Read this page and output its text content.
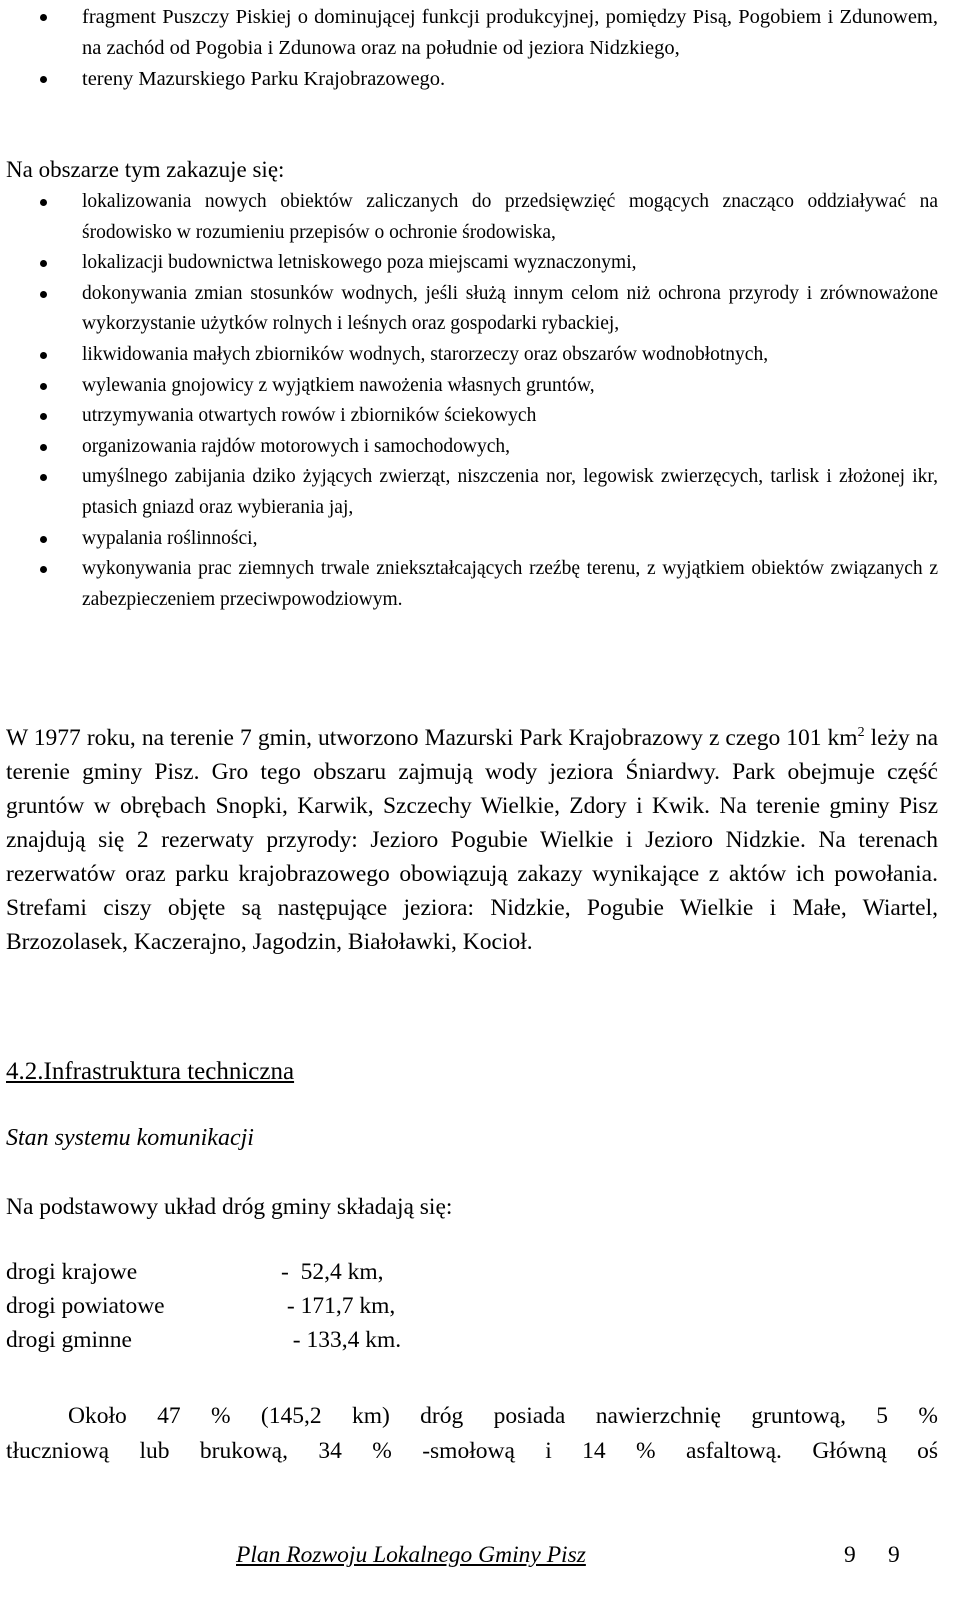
fragment Puszczy Piskiej o dominującej funkcji produkcyjnej, pomiędzy Pisą, Pogobiem i Zdunowem, na zachód od Pogobia i Zdunowa oraz na południe od jeziora Nidzkiego,
tereny Mazurskiego Parku Krajobrazowego.

Na obszarze tym zakazuje się:

lokalizowania nowych obiektów zaliczanych do przedsięwzięć mogących znacząco oddziaływać na środowisko w rozumieniu przepisów o ochronie środowiska,
lokalizacji budownictwa letniskowego poza miejscami wyznaczonymi,
dokonywania zmian stosunków wodnych, jeśli służą innym celom niż ochrona przyrody i zrównoważone wykorzystanie użytków rolnych i leśnych oraz gospodarki rybackiej,
likwidowania małych zbiorników wodnych, starorzeczy oraz obszarów wodnobłotnych,
wylewania gnojowicy z wyjątkiem nawożenia własnych gruntów,
utrzymywania otwartych rowów i zbiorników ściekowych
organizowania rajdów motorowych i samochodowych,
umyślnego zabijania dziko żyjących zwierząt, niszczenia nor, legowisk zwierzęcych, tarlisk i złożonej ikr, ptasich gniazd oraz wybierania jaj,
wypalania roślinności,
wykonywania prac ziemnych trwale zniekształcających rzeźbę terenu, z wyjątkiem obiektów związanych z zabezpieczeniem przeciwpowodziowym.

W 1977 roku, na terenie 7 gmin, utworzono Mazurski Park Krajobrazowy z czego 101 $km^2$ leży na terenie gminy Pisz. Gro tego obszaru zajmują wody jeziora Śniardwy. Park obejmuje część gruntów w obrębach Snopki, Karwik, Szczechy Wielkie, Zdory i Kwik. Na terenie gminy Pisz znajdują się 2 rezerwaty przyrody: Jezioro Pogubie Wielkie i Jezioro Nidzkie. Na terenach rezerwatów oraz parku krajobrazowego obowiązują zakazy wynikające z aktów ich powołania. Strefami ciszy objęte są następujące jeziora: Nidzkie, Pogubie Wielkie i Małe, Wiartel, Brzozolasek, Kaczerajno, Jagodzin, Białoławki, Kocioł.

4.2.Infrastruktura techniczna
Stan systemu komunikacji

Na podstawowy układ dróg gminy składają się:

drogi krajowe	-  52,4 km,
drogi powiatowe	- 171,7 km,
drogi gminne	- 133,4 km.

Około 47 % (145,2 km) dróg posiada nawierzchnię gruntową, 5 %
tłuczniową lub brukową, 34 % -smołową i 14 % asfaltową. Główną oś

Plan Rozwoju Lokalnego Gminy Pisz	9 9
